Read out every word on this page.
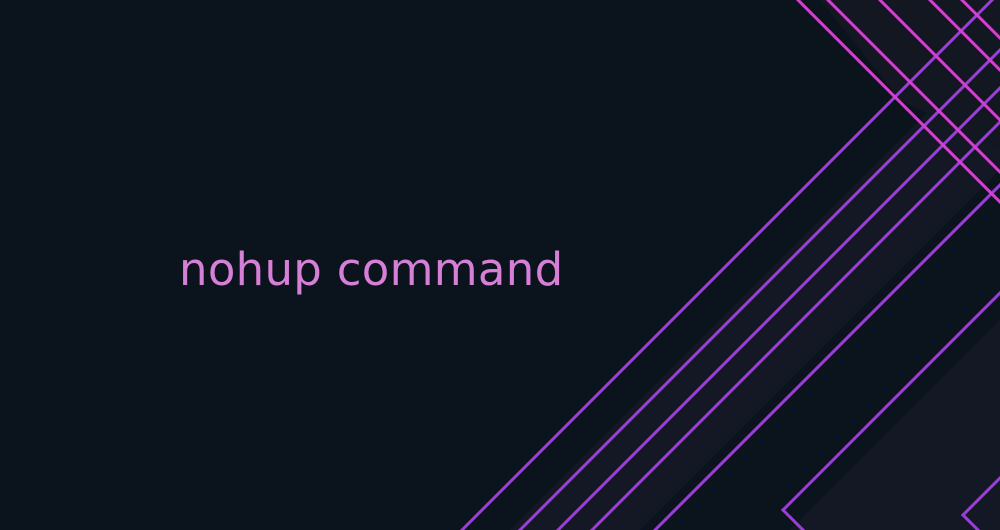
nohup command
